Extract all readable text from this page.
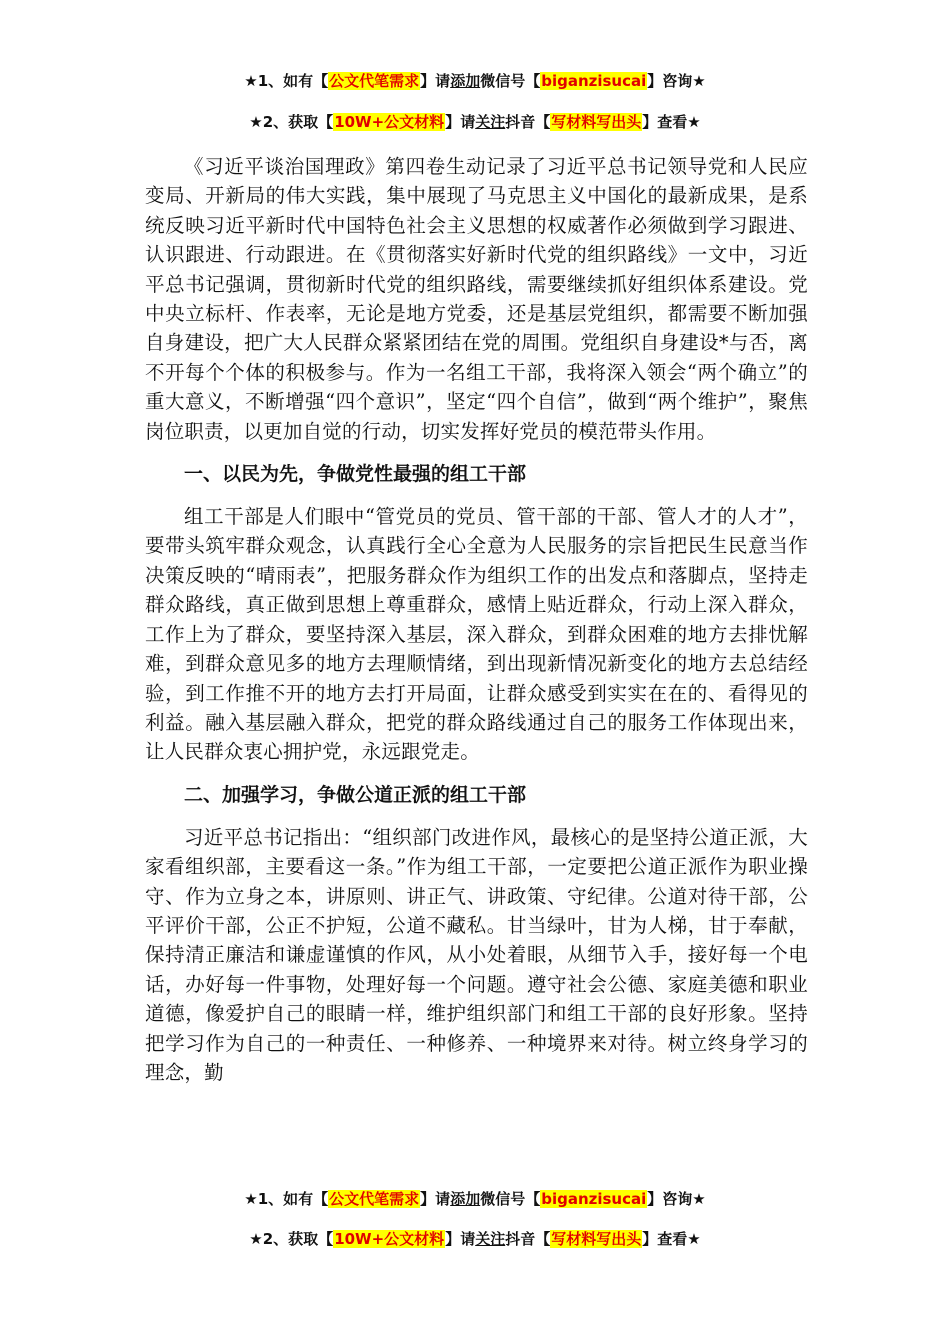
★1、如有【公文代笔需求】请添加微信号【biganzisucai】咨询★
★2、获取【10W+公文材料】请关注抖音【写材料写出头】查看★

《习近平谈治国理政》第四卷生动记录了习近平总书记领导党和人民应变局、开新局的伟大实践，集中展现了马克思主义中国化的最新成果，是系统反映习近平新时代中国特色社会主义思想的权威著作必须做到学习跟进、认识跟进、行动跟进。在《贯彻落实好新时代党的组织路线》一文中，习近平总书记强调，贯彻新时代党的组织路线，需要继续抓好组织体系建设。党中央立标杆、作表率，无论是地方党委，还是基层党组织，都需要不断加强自身建设，把广大人民群众紧紧团结在党的周围。党组织自身建设*与否，离不开每个个体的积极参与。作为一名组工干部，我将深入领会“两个确立”的重大意义，不断增强“四个意识”，坚定“四个自信”，做到“两个维护”，聚焦岗位职责，以更加自觉的行动，切实发挥好党员的模范带头作用。

一、以民为先，争做党性最强的组工干部

组工干部是人们眼中“管党员的党员、管干部的干部、管人才的人才”，要带头筑牢群众观念，认真践行全心全意为人民服务的宗旨把民生民意当作决策反映的“晴雨表”，把服务群众作为组织工作的出发点和落脚点，坚持走群众路线，真正做到思想上尊重群众，感情上贴近群众，行动上深入群众，工作上为了群众，要坚持深入基层，深入群众，到群众困难的地方去排忧解难，到群众意见多的地方去理顺情绪，到出现新情况新变化的地方去总结经验，到工作推不开的地方去打开局面，让群众感受到实实在在的、看得见的利益。融入基层融入群众，把党的群众路线通过自己的服务工作体现出来，让人民群众衷心拥护党，永远跟党走。

二、加强学习，争做公道正派的组工干部

习近平总书记指出：“组织部门改进作风，最核心的是坚持公道正派，大家看组织部，主要看这一条。”作为组工干部，一定要把公道正派作为职业操守、作为立身之本，讲原则、讲正气、讲政策、守纪律。公道对待干部，公平评价干部，公正不护短，公道不藏私。甘当绿叶，甘为人梯，甘于奉献，保持清正廉洁和谦虚谨慎的作风，从小处着眼，从细节入手，接好每一个电话，办好每一件事物，处理好每一个问题。遵守社会公德、家庭美德和职业道德，像爱护自己的眼睛一样，维护组织部门和组工干部的良好形象。坚持把学习作为自己的一种责任、一种修养、一种境界来对待。树立终身学习的理念，勤

★1、如有【公文代笔需求】请添加微信号【biganzisucai】咨询★
★2、获取【10W+公文材料】请关注抖音【写材料写出头】查看★
